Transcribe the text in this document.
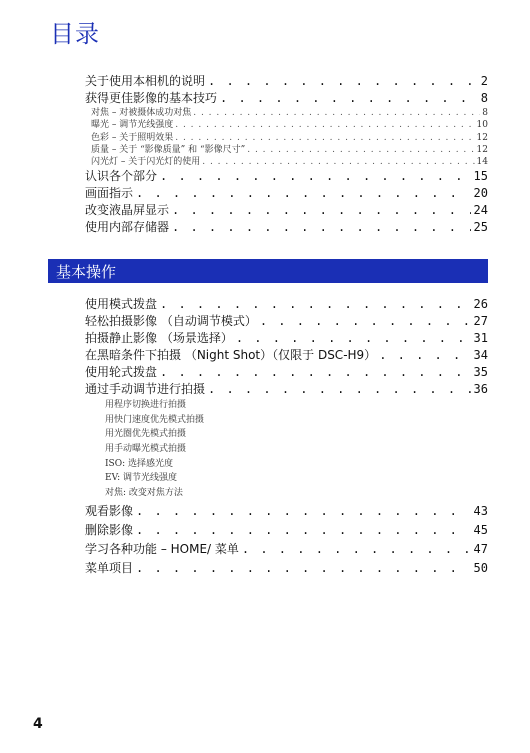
目录
关于使用本相机的说明 . . .	2
获得更佳影像的基本技巧 . . .	8
对焦 – 对被摄体成功对焦 . . .	8
曝光 – 调节光线强度 . . .	10
色彩 – 关于照明效果 . . .	12
质量 – 关于 “影像质量” 和 “影像尺寸” . . .	12
闪光灯 – 关于闪光灯的使用 . . .	14
认识各个部分 . . .	15
画面指示 . . .	20
改变液晶屏显示 . . .	24
使用内部存储器 . . .	25
基本操作
使用模式拨盘 . . .	26
轻松拍摄影像 （自动调节模式） . . .	27
拍摄静止影像 （场景选择） . . .	31
在黑暗条件下拍摄 （Night Shot）（仅限于 DSC-H9） . . .	34
使用轮式拨盘 . . .	35
通过手动调节进行拍摄 . . .	36
用程序切换进行拍摄
用快门速度优先模式拍摄
用光圈优先模式拍摄
用手动曝光模式拍摄
ISO: 选择感光度
EV: 调节光线强度
对焦: 改变对焦方法
观看影像 . . .	43
删除影像 . . .	45
学习各种功能 – HOME/ 菜单 . . .	47
菜单项目 . . .	50
4
